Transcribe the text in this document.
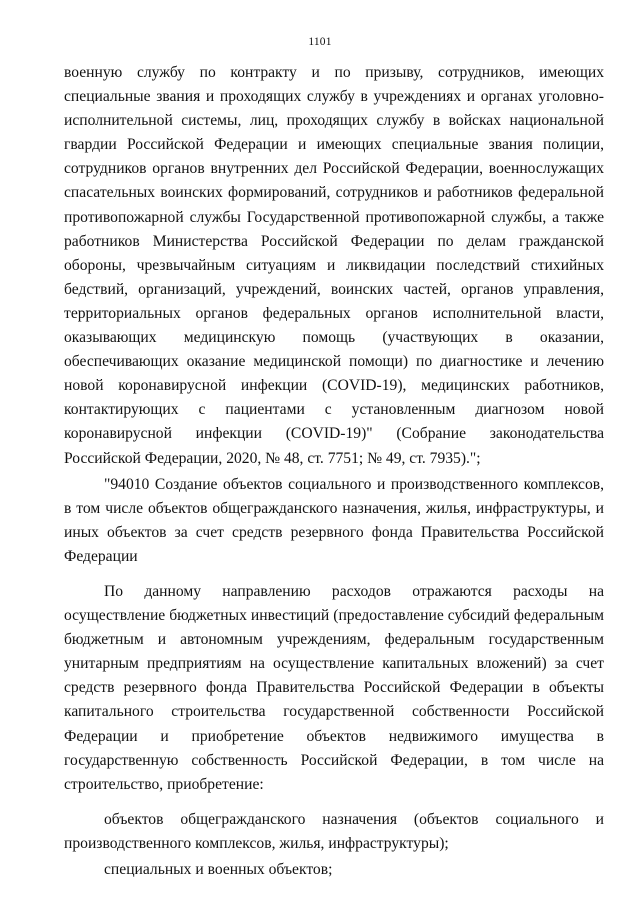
1101

военную службу по контракту и по призыву, сотрудников, имеющих специальные звания и проходящих службу в учреждениях и органах уголовно-исполнительной системы, лиц, проходящих службу в войсках национальной гвардии Российской Федерации и имеющих специальные звания полиции, сотрудников органов внутренних дел Российской Федерации, военнослужащих спасательных воинских формирований, сотрудников и работников федеральной противопожарной службы Государственной противопожарной службы, а также работников Министерства Российской Федерации по делам гражданской обороны, чрезвычайным ситуациям и ликвидации последствий стихийных бедствий, организаций, учреждений, воинских частей, органов управления, территориальных органов федеральных органов исполнительной власти, оказывающих медицинскую помощь (участвующих в оказании, обеспечивающих оказание медицинской помощи) по диагностике и лечению новой коронавирусной инфекции (COVID-19), медицинских работников, контактирующих с пациентами с установленным диагнозом новой коронавирусной инфекции (COVID-19)" (Собрание законодательства Российской Федерации, 2020, № 48, ст. 7751; № 49, ст. 7935).";

"94010 Создание объектов социального и производственного комплексов, в том числе объектов общегражданского назначения, жилья, инфраструктуры, и иных объектов за счет средств резервного фонда Правительства Российской Федерации

По данному направлению расходов отражаются расходы на осуществление бюджетных инвестиций (предоставление субсидий федеральным бюджетным и автономным учреждениям, федеральным государственным унитарным предприятиям на осуществление капитальных вложений) за счет средств резервного фонда Правительства Российской Федерации в объекты капитального строительства государственной собственности Российской Федерации и приобретение объектов недвижимого имущества в государственную собственность Российской Федерации, в том числе на строительство, приобретение:

объектов общегражданского назначения (объектов социального и производственного комплексов, жилья, инфраструктуры);

специальных и военных объектов;
